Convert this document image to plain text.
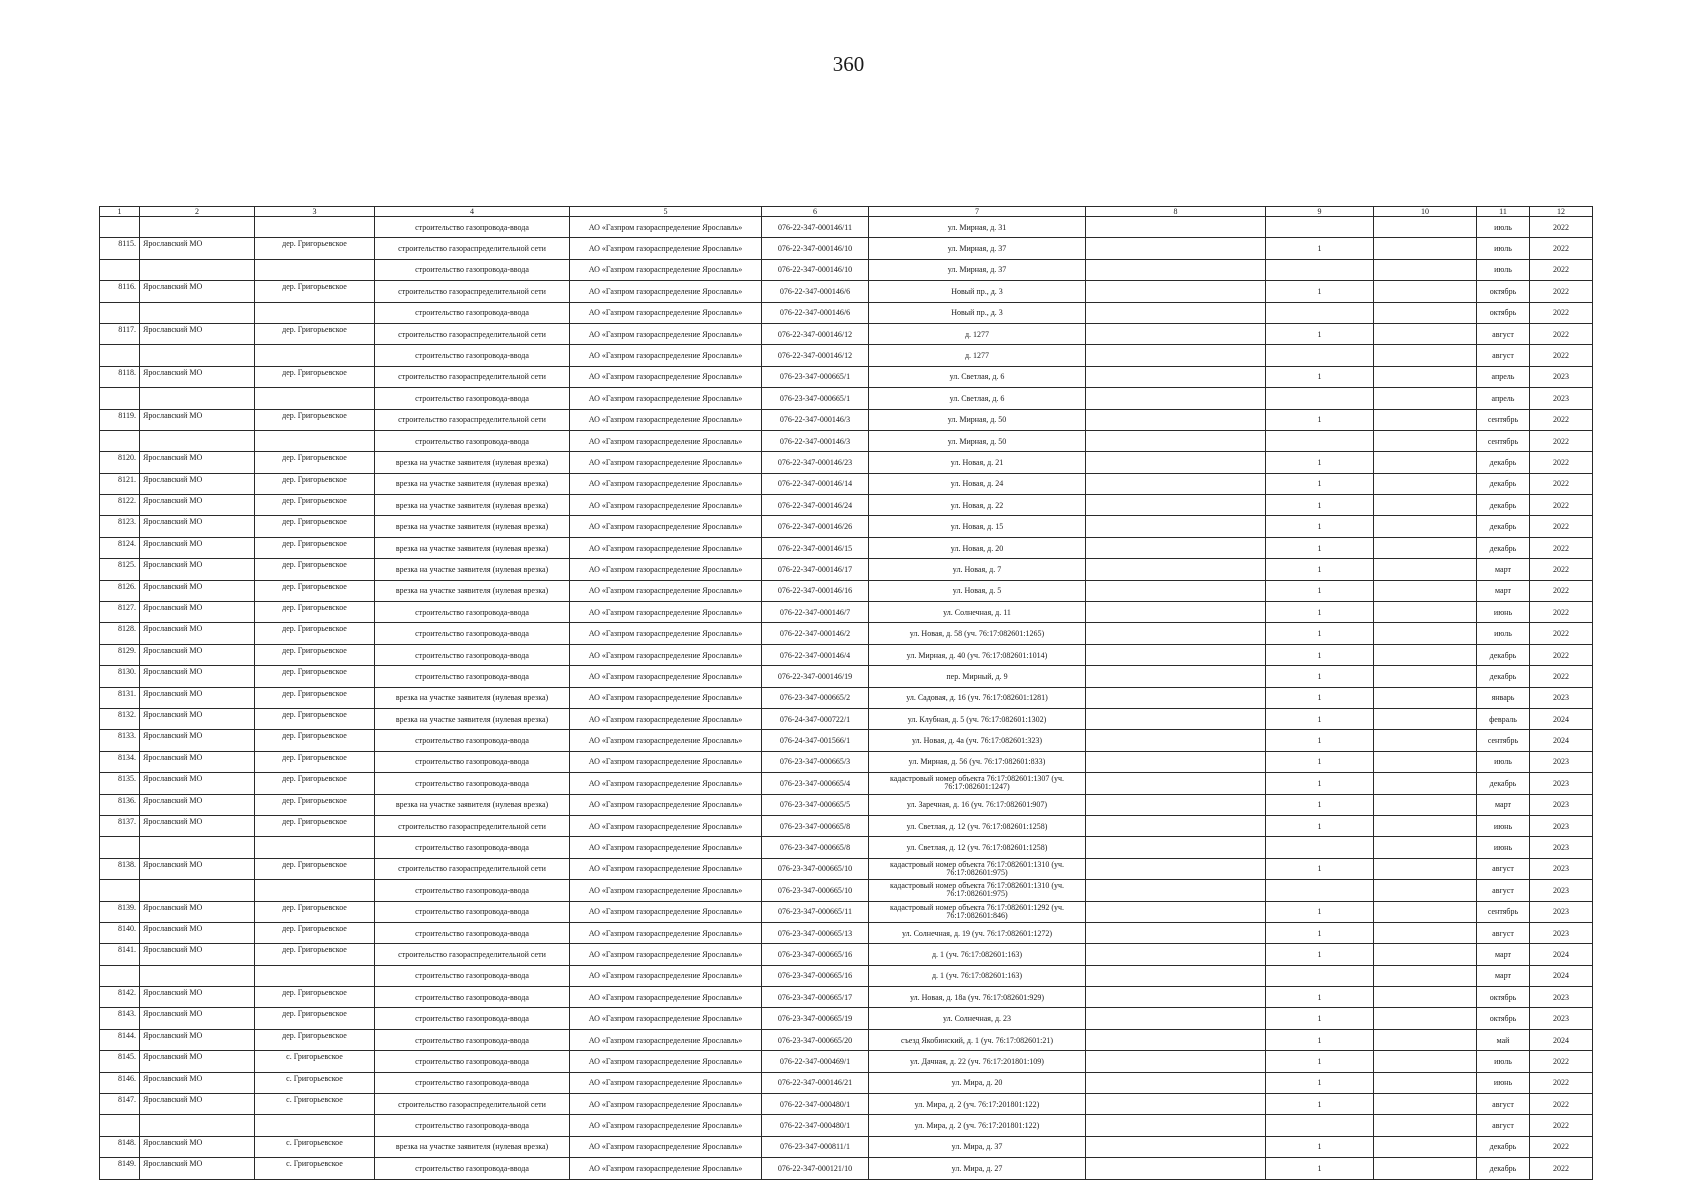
360
1	2	3	4	5	6	7	8	9	10	11	12
			строительство газопровода-ввода	АО «Газпром газораспределение Ярославль»	076-22-347-000146/11	ул. Мирная, д. 31				июль	2022
8115.	Ярославский МО	дер. Григорьевское	строительство газораспределительной сети	АО «Газпром газораспределение Ярославль»	076-22-347-000146/10	ул. Мирная, д. 37		1		июль	2022
			строительство газопровода-ввода	АО «Газпром газораспределение Ярославль»	076-22-347-000146/10	ул. Мирная, д. 37				июль	2022
8116.	Ярославский МО	дер. Григорьевское	строительство газораспределительной сети	АО «Газпром газораспределение Ярославль»	076-22-347-000146/6	Новый пр., д. 3		1		октябрь	2022
			строительство газопровода-ввода	АО «Газпром газораспределение Ярославль»	076-22-347-000146/6	Новый пр., д. 3				октябрь	2022
8117.	Ярославский МО	дер. Григорьевское	строительство газораспределительной сети	АО «Газпром газораспределение Ярославль»	076-22-347-000146/12	д. 1277		1		август	2022
			строительство газопровода-ввода	АО «Газпром газораспределение Ярославль»	076-22-347-000146/12	д. 1277				август	2022
8118.	Ярославский МО	дер. Григорьевское	строительство газораспределительной сети	АО «Газпром газораспределение Ярославль»	076-23-347-000665/1	ул. Светлая, д. 6		1		апрель	2023
			строительство газопровода-ввода	АО «Газпром газораспределение Ярославль»	076-23-347-000665/1	ул. Светлая, д. 6				апрель	2023
8119.	Ярославский МО	дер. Григорьевское	строительство газораспределительной сети	АО «Газпром газораспределение Ярославль»	076-22-347-000146/3	ул. Мирная, д. 50		1		сентябрь	2022
			строительство газопровода-ввода	АО «Газпром газораспределение Ярославль»	076-22-347-000146/3	ул. Мирная, д. 50				сентябрь	2022
8120.	Ярославский МО	дер. Григорьевское	врезка на участке заявителя (нулевая врезка)	АО «Газпром газораспределение Ярославль»	076-22-347-000146/23	ул. Новая, д. 21		1		декабрь	2022
8121.	Ярославский МО	дер. Григорьевское	врезка на участке заявителя (нулевая врезка)	АО «Газпром газораспределение Ярославль»	076-22-347-000146/14	ул. Новая, д. 24		1		декабрь	2022
8122.	Ярославский МО	дер. Григорьевское	врезка на участке заявителя (нулевая врезка)	АО «Газпром газораспределение Ярославль»	076-22-347-000146/24	ул. Новая, д. 22		1		декабрь	2022
8123.	Ярославский МО	дер. Григорьевское	врезка на участке заявителя (нулевая врезка)	АО «Газпром газораспределение Ярославль»	076-22-347-000146/26	ул. Новая, д. 15		1		декабрь	2022
8124.	Ярославский МО	дер. Григорьевское	врезка на участке заявителя (нулевая врезка)	АО «Газпром газораспределение Ярославль»	076-22-347-000146/15	ул. Новая, д. 20		1		декабрь	2022
8125.	Ярославский МО	дер. Григорьевское	врезка на участке заявителя (нулевая врезка)	АО «Газпром газораспределение Ярославль»	076-22-347-000146/17	ул. Новая, д. 7		1		март	2022
8126.	Ярославский МО	дер. Григорьевское	врезка на участке заявителя (нулевая врезка)	АО «Газпром газораспределение Ярославль»	076-22-347-000146/16	ул. Новая, д. 5		1		март	2022
8127.	Ярославский МО	дер. Григорьевское	строительство газопровода-ввода	АО «Газпром газораспределение Ярославль»	076-22-347-000146/7	ул. Солнечная, д. 11		1		июнь	2022
8128.	Ярославский МО	дер. Григорьевское	строительство газопровода-ввода	АО «Газпром газораспределение Ярославль»	076-22-347-000146/2	ул. Новая, д. 58 (уч. 76:17:082601:1265)		1		июль	2022
8129.	Ярославский МО	дер. Григорьевское	строительство газопровода-ввода	АО «Газпром газораспределение Ярославль»	076-22-347-000146/4	ул. Мирная, д. 40 (уч. 76:17:082601:1014)		1		декабрь	2022
8130.	Ярославский МО	дер. Григорьевское	строительство газопровода-ввода	АО «Газпром газораспределение Ярославль»	076-22-347-000146/19	пер. Мирный, д. 9		1		декабрь	2022
8131.	Ярославский МО	дер. Григорьевское	врезка на участке заявителя (нулевая врезка)	АО «Газпром газораспределение Ярославль»	076-23-347-000665/2	ул. Садовая, д. 16 (уч. 76:17:082601:1281)		1		январь	2023
8132.	Ярославский МО	дер. Григорьевское	врезка на участке заявителя (нулевая врезка)	АО «Газпром газораспределение Ярославль»	076-24-347-000722/1	ул. Клубная, д. 5 (уч. 76:17:082601:1302)		1		февраль	2024
8133.	Ярославский МО	дер. Григорьевское	строительство газопровода-ввода	АО «Газпром газораспределение Ярославль»	076-24-347-001566/1	ул. Новая, д. 4а (уч. 76:17:082601:323)		1		сентябрь	2024
8134.	Ярославский МО	дер. Григорьевское	строительство газопровода-ввода	АО «Газпром газораспределение Ярославль»	076-23-347-000665/3	ул. Мирная, д. 56 (уч. 76:17:082601:833)		1		июль	2023
8135.	Ярославский МО	дер. Григорьевское	строительство газопровода-ввода	АО «Газпром газораспределение Ярославль»	076-23-347-000665/4	кадастровый номер объекта 76:17:082601:1307 (уч. 76:17:082601:1247)		1		декабрь	2023
8136.	Ярославский МО	дер. Григорьевское	врезка на участке заявителя (нулевая врезка)	АО «Газпром газораспределение Ярославль»	076-23-347-000665/5	ул. Заречная, д. 16 (уч. 76:17:082601:907)		1		март	2023
8137.	Ярославский МО	дер. Григорьевское	строительство газораспределительной сети	АО «Газпром газораспределение Ярославль»	076-23-347-000665/8	ул. Светлая, д. 12 (уч. 76:17:082601:1258)		1		июнь	2023
			строительство газопровода-ввода	АО «Газпром газораспределение Ярославль»	076-23-347-000665/8	ул. Светлая, д. 12 (уч. 76:17:082601:1258)				июнь	2023
8138.	Ярославский МО	дер. Григорьевское	строительство газораспределительной сети	АО «Газпром газораспределение Ярославль»	076-23-347-000665/10	кадастровый номер объекта 76:17:082601:1310 (уч. 76:17:082601:975)		1		август	2023
			строительство газопровода-ввода	АО «Газпром газораспределение Ярославль»	076-23-347-000665/10	кадастровый номер объекта 76:17:082601:1310 (уч. 76:17:082601:975)				август	2023
8139.	Ярославский МО	дер. Григорьевское	строительство газопровода-ввода	АО «Газпром газораспределение Ярославль»	076-23-347-000665/11	кадастровый номер объекта 76:17:082601:1292 (уч. 76:17:082601:846)		1		сентябрь	2023
8140.	Ярославский МО	дер. Григорьевское	строительство газопровода-ввода	АО «Газпром газораспределение Ярославль»	076-23-347-000665/13	ул. Солнечная, д. 19 (уч. 76:17:082601:1272)		1		август	2023
8141.	Ярославский МО	дер. Григорьевское	строительство газораспределительной сети	АО «Газпром газораспределение Ярославль»	076-23-347-000665/16	д. 1 (уч. 76:17:082601:163)		1		март	2024
			строительство газопровода-ввода	АО «Газпром газораспределение Ярославль»	076-23-347-000665/16	д. 1 (уч. 76:17:082601:163)				март	2024
8142.	Ярославский МО	дер. Григорьевское	строительство газопровода-ввода	АО «Газпром газораспределение Ярославль»	076-23-347-000665/17	ул. Новая, д. 18а (уч. 76:17:082601:929)		1		октябрь	2023
8143.	Ярославский МО	дер. Григорьевское	строительство газопровода-ввода	АО «Газпром газораспределение Ярославль»	076-23-347-000665/19	ул. Солнечная, д. 23		1		октябрь	2023
8144.	Ярославский МО	дер. Григорьевское	строительство газопровода-ввода	АО «Газпром газораспределение Ярославль»	076-23-347-000665/20	съезд Якобинский, д. 1 (уч. 76:17:082601:21)		1		май	2024
8145.	Ярославский МО	с. Григорьевское	строительство газопровода-ввода	АО «Газпром газораспределение Ярославль»	076-22-347-000469/1	ул. Дачная, д. 22 (уч. 76:17:201801:109)		1		июль	2022
8146.	Ярославский МО	с. Григорьевское	строительство газопровода-ввода	АО «Газпром газораспределение Ярославль»	076-22-347-000146/21	ул. Мира, д. 20		1		июнь	2022
8147.	Ярославский МО	с. Григорьевское	строительство газораспределительной сети	АО «Газпром газораспределение Ярославль»	076-22-347-000480/1	ул. Мира, д. 2 (уч. 76:17:201801:122)		1		август	2022
			строительство газопровода-ввода	АО «Газпром газораспределение Ярославль»	076-22-347-000480/1	ул. Мира, д. 2 (уч. 76:17:201801:122)				август	2022
8148.	Ярославский МО	с. Григорьевское	врезка на участке заявителя (нулевая врезка)	АО «Газпром газораспределение Ярославль»	076-23-347-000811/1	ул. Мира, д. 37		1		декабрь	2022
8149.	Ярославский МО	с. Григорьевское	строительство газопровода-ввода	АО «Газпром газораспределение Ярославль»	076-22-347-000121/10	ул. Мира, д. 27		1		декабрь	2022
